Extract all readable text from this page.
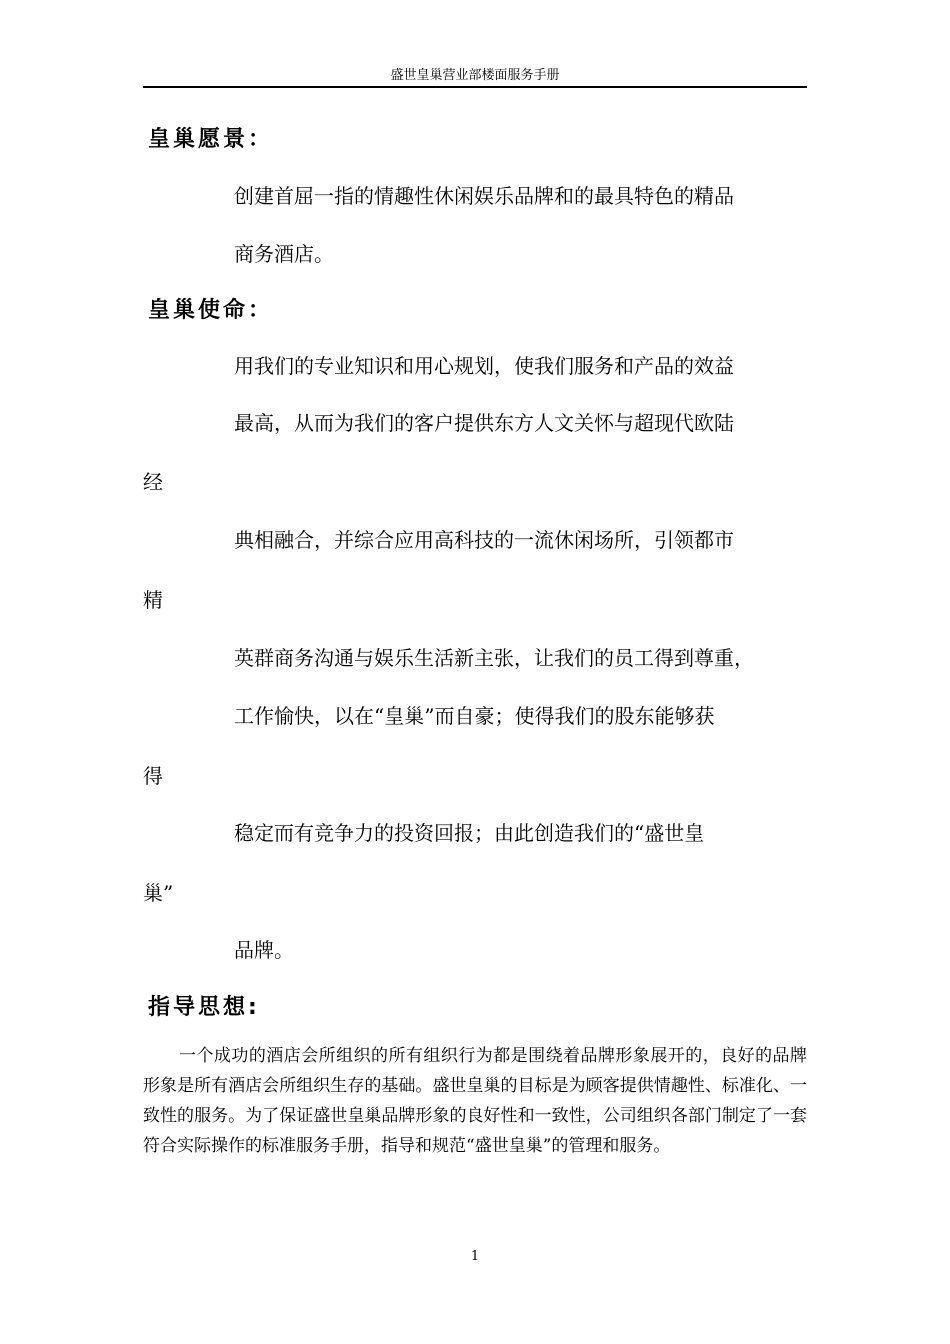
盛世皇巢营业部楼面服务手册
皇巢愿景：
创建首屈一指的情趣性休闲娱乐品牌和的最具特色的精品
商务酒店。
皇巢使命：
用我们的专业知识和用心规划，使我们服务和产品的效益
最高，从而为我们的客户提供东方人文关怀与超现代欧陆
经
典相融合，并综合应用高科技的一流休闲场所，引领都市
精
英群商务沟通与娱乐生活新主张，让我们的员工得到尊重，
工作愉快，以在“皇巢”而自豪；使得我们的股东能够获
得
稳定而有竞争力的投资回报；由此创造我们的“盛世皇
巢”
品牌。
指导思想:
一个成功的酒店会所组织的所有组织行为都是围绕着品牌形象展开的，良好的品牌形象是所有酒店会所组织生存的基础。盛世皇巢的目标是为顾客提供情趣性、标准化、一致性的服务。为了保证盛世皇巢品牌形象的良好性和一致性，公司组织各部门制定了一套符合实际操作的标准服务手册，指导和规范“盛世皇巢”的管理和服务。
1
